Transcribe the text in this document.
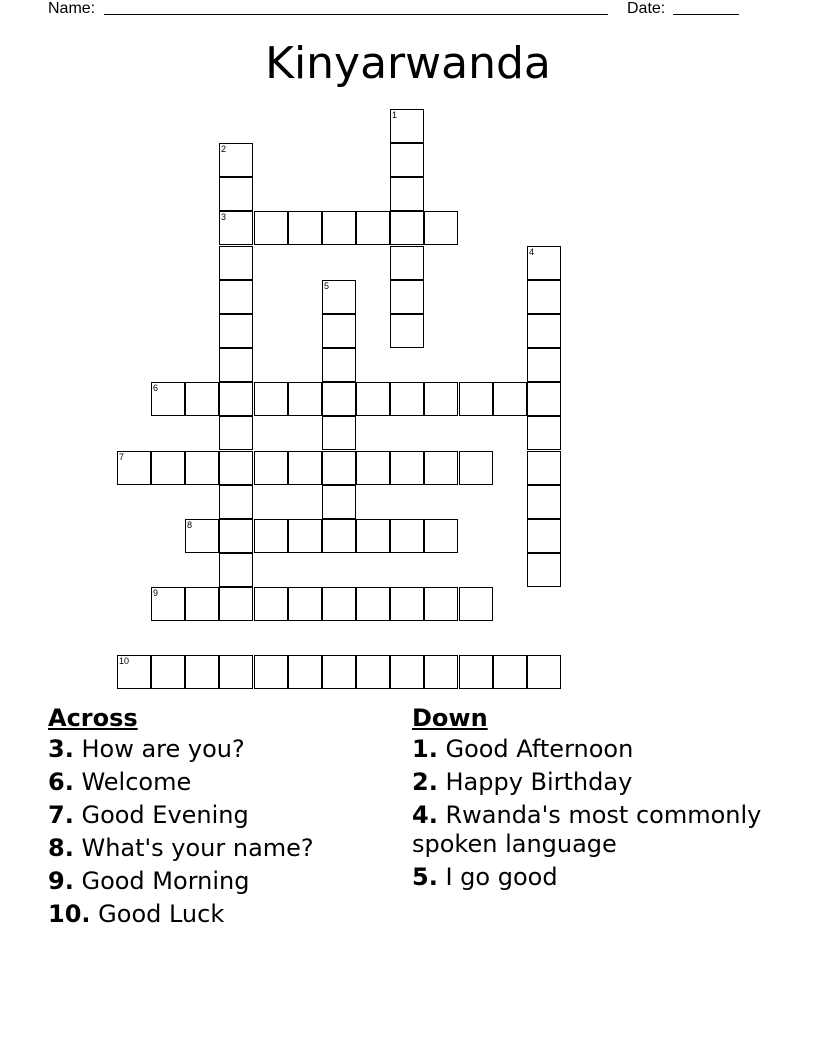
Name:	Date:
Kinyarwanda
1
2
3
4
5
6
7
8
9
10
Across
3. How are you?
6. Welcome
7. Good Evening
8. What's your name?
9. Good Morning
10. Good Luck
Down
1. Good Afternoon
2. Happy Birthday
4. Rwanda's most commonly spoken language
5. I go good
